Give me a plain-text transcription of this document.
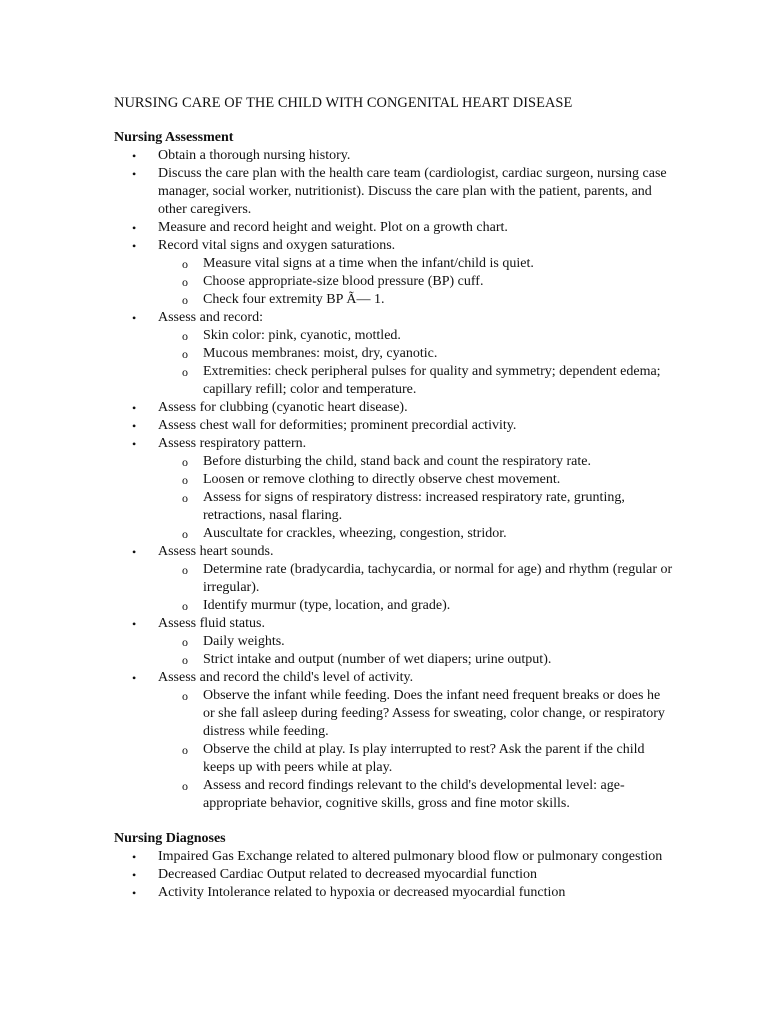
NURSING CARE OF THE CHILD WITH CONGENITAL HEART DISEASE
Nursing Assessment
• Obtain a thorough nursing history.
• Discuss the care plan with the health care team (cardiologist, cardiac surgeon, nursing case manager, social worker, nutritionist). Discuss the care plan with the patient, parents, and other caregivers.
• Measure and record height and weight. Plot on a growth chart.
• Record vital signs and oxygen saturations.
o Measure vital signs at a time when the infant/child is quiet.
o Choose appropriate-size blood pressure (BP) cuff.
o Check four extremity BP Ã— 1.
• Assess and record:
o Skin color: pink, cyanotic, mottled.
o Mucous membranes: moist, dry, cyanotic.
o Extremities: check peripheral pulses for quality and symmetry; dependent edema; capillary refill; color and temperature.
• Assess for clubbing (cyanotic heart disease).
• Assess chest wall for deformities; prominent precordial activity.
• Assess respiratory pattern.
o Before disturbing the child, stand back and count the respiratory rate.
o Loosen or remove clothing to directly observe chest movement.
o Assess for signs of respiratory distress: increased respiratory rate, grunting, retractions, nasal flaring.
o Auscultate for crackles, wheezing, congestion, stridor.
• Assess heart sounds.
o Determine rate (bradycardia, tachycardia, or normal for age) and rhythm (regular or irregular).
o Identify murmur (type, location, and grade).
• Assess fluid status.
o Daily weights.
o Strict intake and output (number of wet diapers; urine output).
• Assess and record the child's level of activity.
o Observe the infant while feeding. Does the infant need frequent breaks or does he or she fall asleep during feeding? Assess for sweating, color change, or respiratory distress while feeding.
o Observe the child at play. Is play interrupted to rest? Ask the parent if the child keeps up with peers while at play.
o Assess and record findings relevant to the child's developmental level: age-appropriate behavior, cognitive skills, gross and fine motor skills.
Nursing Diagnoses
• Impaired Gas Exchange related to altered pulmonary blood flow or pulmonary congestion
• Decreased Cardiac Output related to decreased myocardial function
• Activity Intolerance related to hypoxia or decreased myocardial function
